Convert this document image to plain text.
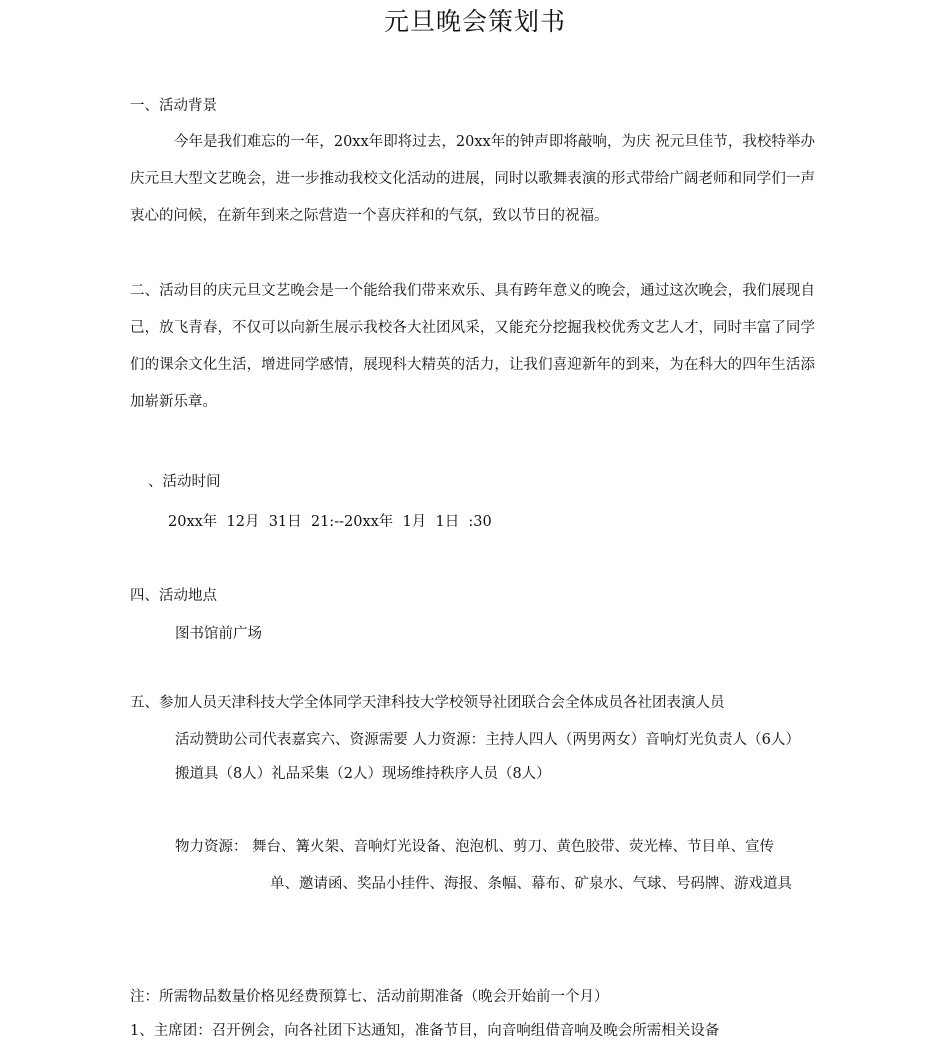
元旦晚会策划书
一、活动背景
今年是我们难忘的一年，20xx年即将过去，20xx年的钟声即将敲响，为庆 祝元旦佳节，我校特举办庆元旦大型文艺晚会，进一步推动我校文化活动的进展，同时以歌舞表演的形式带给广阔老师和同学们一声衷心的问候，在新年到来之际营造一个喜庆祥和的气氛，致以节日的祝福。
二、活动目的庆元旦文艺晚会是一个能给我们带来欢乐、具有跨年意义的晚会，通过这次晚会，我们展现自己，放飞青春，不仅可以向新生展示我校各大社团风采，又能充分挖掘我校优秀文艺人才，同时丰富了同学们的课余文化生活，增进同学感情，展现科大精英的活力，让我们喜迎新年的到来，为在科大的四年生活添加崭新乐章。
、活动时间
20xx年  12月  31日  21:--20xx年  1月  1日  :30
四、活动地点
图书馆前广场
五、参加人员天津科技大学全体同学天津科技大学校领导社团联合会全体成员各社团表演人员
活动赞助公司代表嘉宾六、资源需要 人力资源：主持人四人（两男两女）音响灯光负责人（6人）搬道具（8人）礼品采集（2人）现场维持秩序人员（8人）
物力资源： 舞台、篝火架、音响灯光设备、泡泡机、剪刀、黄色胶带、荧光棒、节目单、宣传
单、邀请函、奖品小挂件、海报、条幅、幕布、矿泉水、气球、号码牌、游戏道具
注：所需物品数量价格见经费预算七、活动前期准备（晚会开始前一个月）
1、主席团：召开例会，向各社团下达通知，准备节目，向音响组借音响及晚会所需相关设备
